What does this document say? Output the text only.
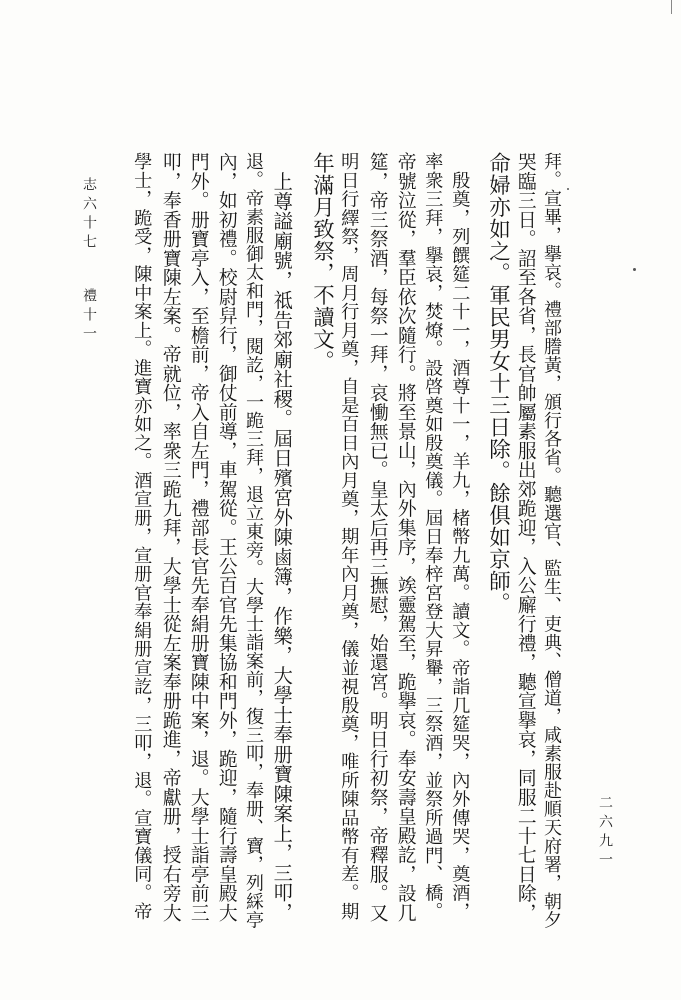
志六十七
禮十一
二六九一
拜。宣畢，擧哀。禮部謄黃，頒行各省。聽選官、監生、吏典、僧道，咸素服赴順天府署，朝夕
哭臨三日。詔至各省，長官帥屬素服出郊跪迎，入公廨行禮，聽宣擧哀，同服二十七日除，
命婦亦如之。軍民男女十三日除。餘俱如京師。
　殷奠，列饌筵二十一，酒尊十一，羊九，楮幣九萬。讀文。帝詣几筵哭，內外傳哭，奠酒，
率衆三拜，擧哀，焚燎。設啓奠如殷奠儀。屆日奉梓宮登大昇轝，三祭酒，並祭所過門、橋。
帝號泣從，羣臣依次隨行。將至景山，內外集序，竢靈駕至，跪擧哀。奉安壽皇殿訖，設几
筵，帝三祭酒，每祭一拜，哀慟無已。皇太后再三撫慰，始還宮。明日行初祭，帝釋服。又
明日行繹祭，周月行月奠，自是百日內月奠，期年內月奠，儀並視殷奠，唯所陳品幣有差。期
年滿月致祭，不讀文。
　上尊謚廟號，祗告郊廟社稷。屆日殯宮外陳鹵簿，作樂，大學士奉册寶陳案上，三叩，
退。帝素服御太和門，閱訖，一跪三拜，退立東旁。大學士詣案前，復三叩，奉册、寶，列綵亭
內，如初禮。校尉舁行，御仗前導，車駕從。王公百官先集協和門外，跪迎，隨行壽皇殿大
門外。册寶亭入，至檐前，帝入自左門，禮部長官先奉絹册寶陳中案，退。大學士詣亭前三
叩，奉香册寶陳左案。帝就位，率衆三跪九拜，大學士從左案奉册跪進，帝獻册，授右旁大
學士，跪受，陳中案上。進寶亦如之。酒宣册，宣册官奉絹册宣訖，三叩，退。宣寶儀同。帝
